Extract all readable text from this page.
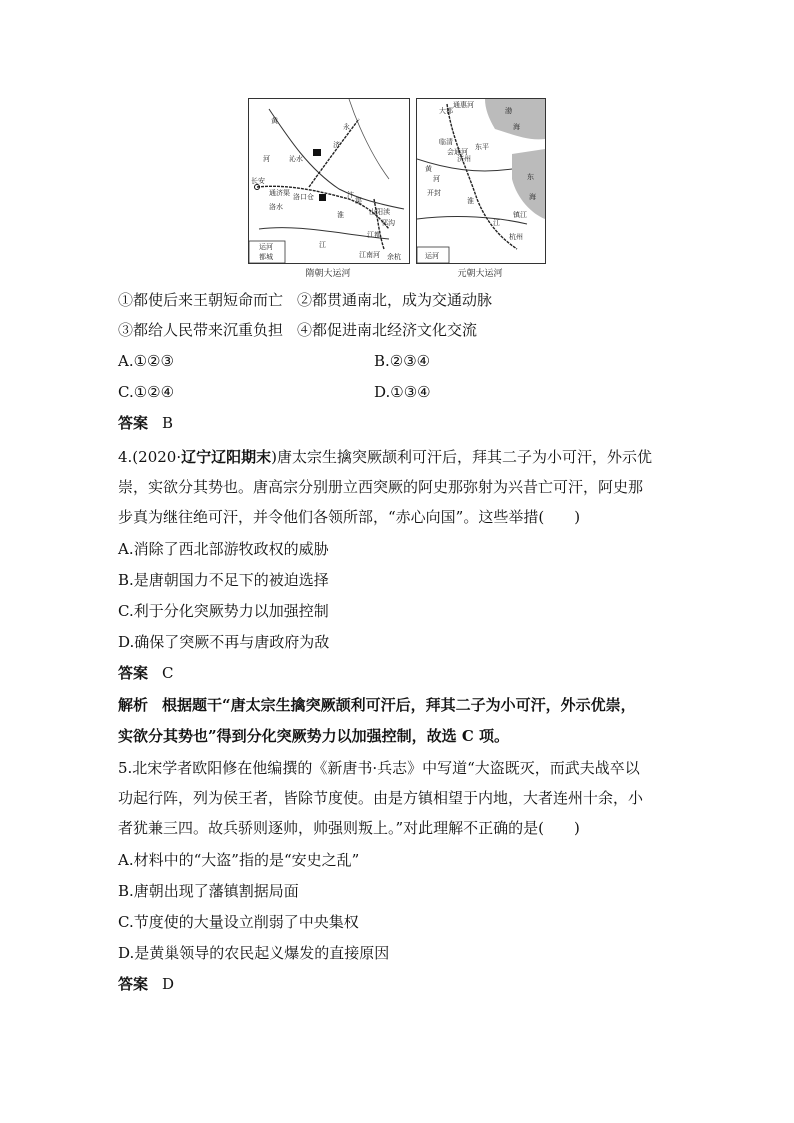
黄
河
长安
洛水
通济渠 洛口仓	汴
渠
永
济
沁水
淮
江
山阳渎
江南河 余杭
邗沟
运河
都城
江都
隋朝大运河
大都
通惠河
临清
济州
会通河
东平
黄
河
开封
淮
江
杭州
渤
海
东
海
镇江
运河
元朝大运河
①都使后来王朝短命而亡 ②都贯通南北，成为交通动脉
③都给人民带来沉重负担 ④都促进南北经济文化交流
A.①②③	B.②③④
C.①②④	D.①③④
答案 B
4.(2020·辽宁辽阳期末)唐太宗生擒突厥颉利可汗后，拜其二子为小可汗，外示优
崇，实欲分其势也。唐高宗分别册立西突厥的阿史那弥射为兴昔亡可汗，阿史那
步真为继往绝可汗，并令他们各领所部，“赤心向国”。这些举措(　　)
A.消除了西北部游牧政权的威胁
B.是唐朝国力不足下的被迫选择
C.利于分化突厥势力以加强控制
D.确保了突厥不再与唐政府为敌
答案 C
解析 根据题干“唐太宗生擒突厥颉利可汗后，拜其二子为小可汗，外示优崇，
实欲分其势也”得到分化突厥势力以加强控制，故选 C 项。
5.北宋学者欧阳修在他编撰的《新唐书·兵志》中写道“大盗既灭，而武夫战卒以
功起行阵，列为侯王者，皆除节度使。由是方镇相望于内地，大者连州十余，小
者犹兼三四。故兵骄则逐帅，帅强则叛上。”对此理解不正确的是(　　)
A.材料中的“大盗”指的是“安史之乱”
B.唐朝出现了藩镇割据局面
C.节度使的大量设立削弱了中央集权
D.是黄巢领导的农民起义爆发的直接原因
答案 D
